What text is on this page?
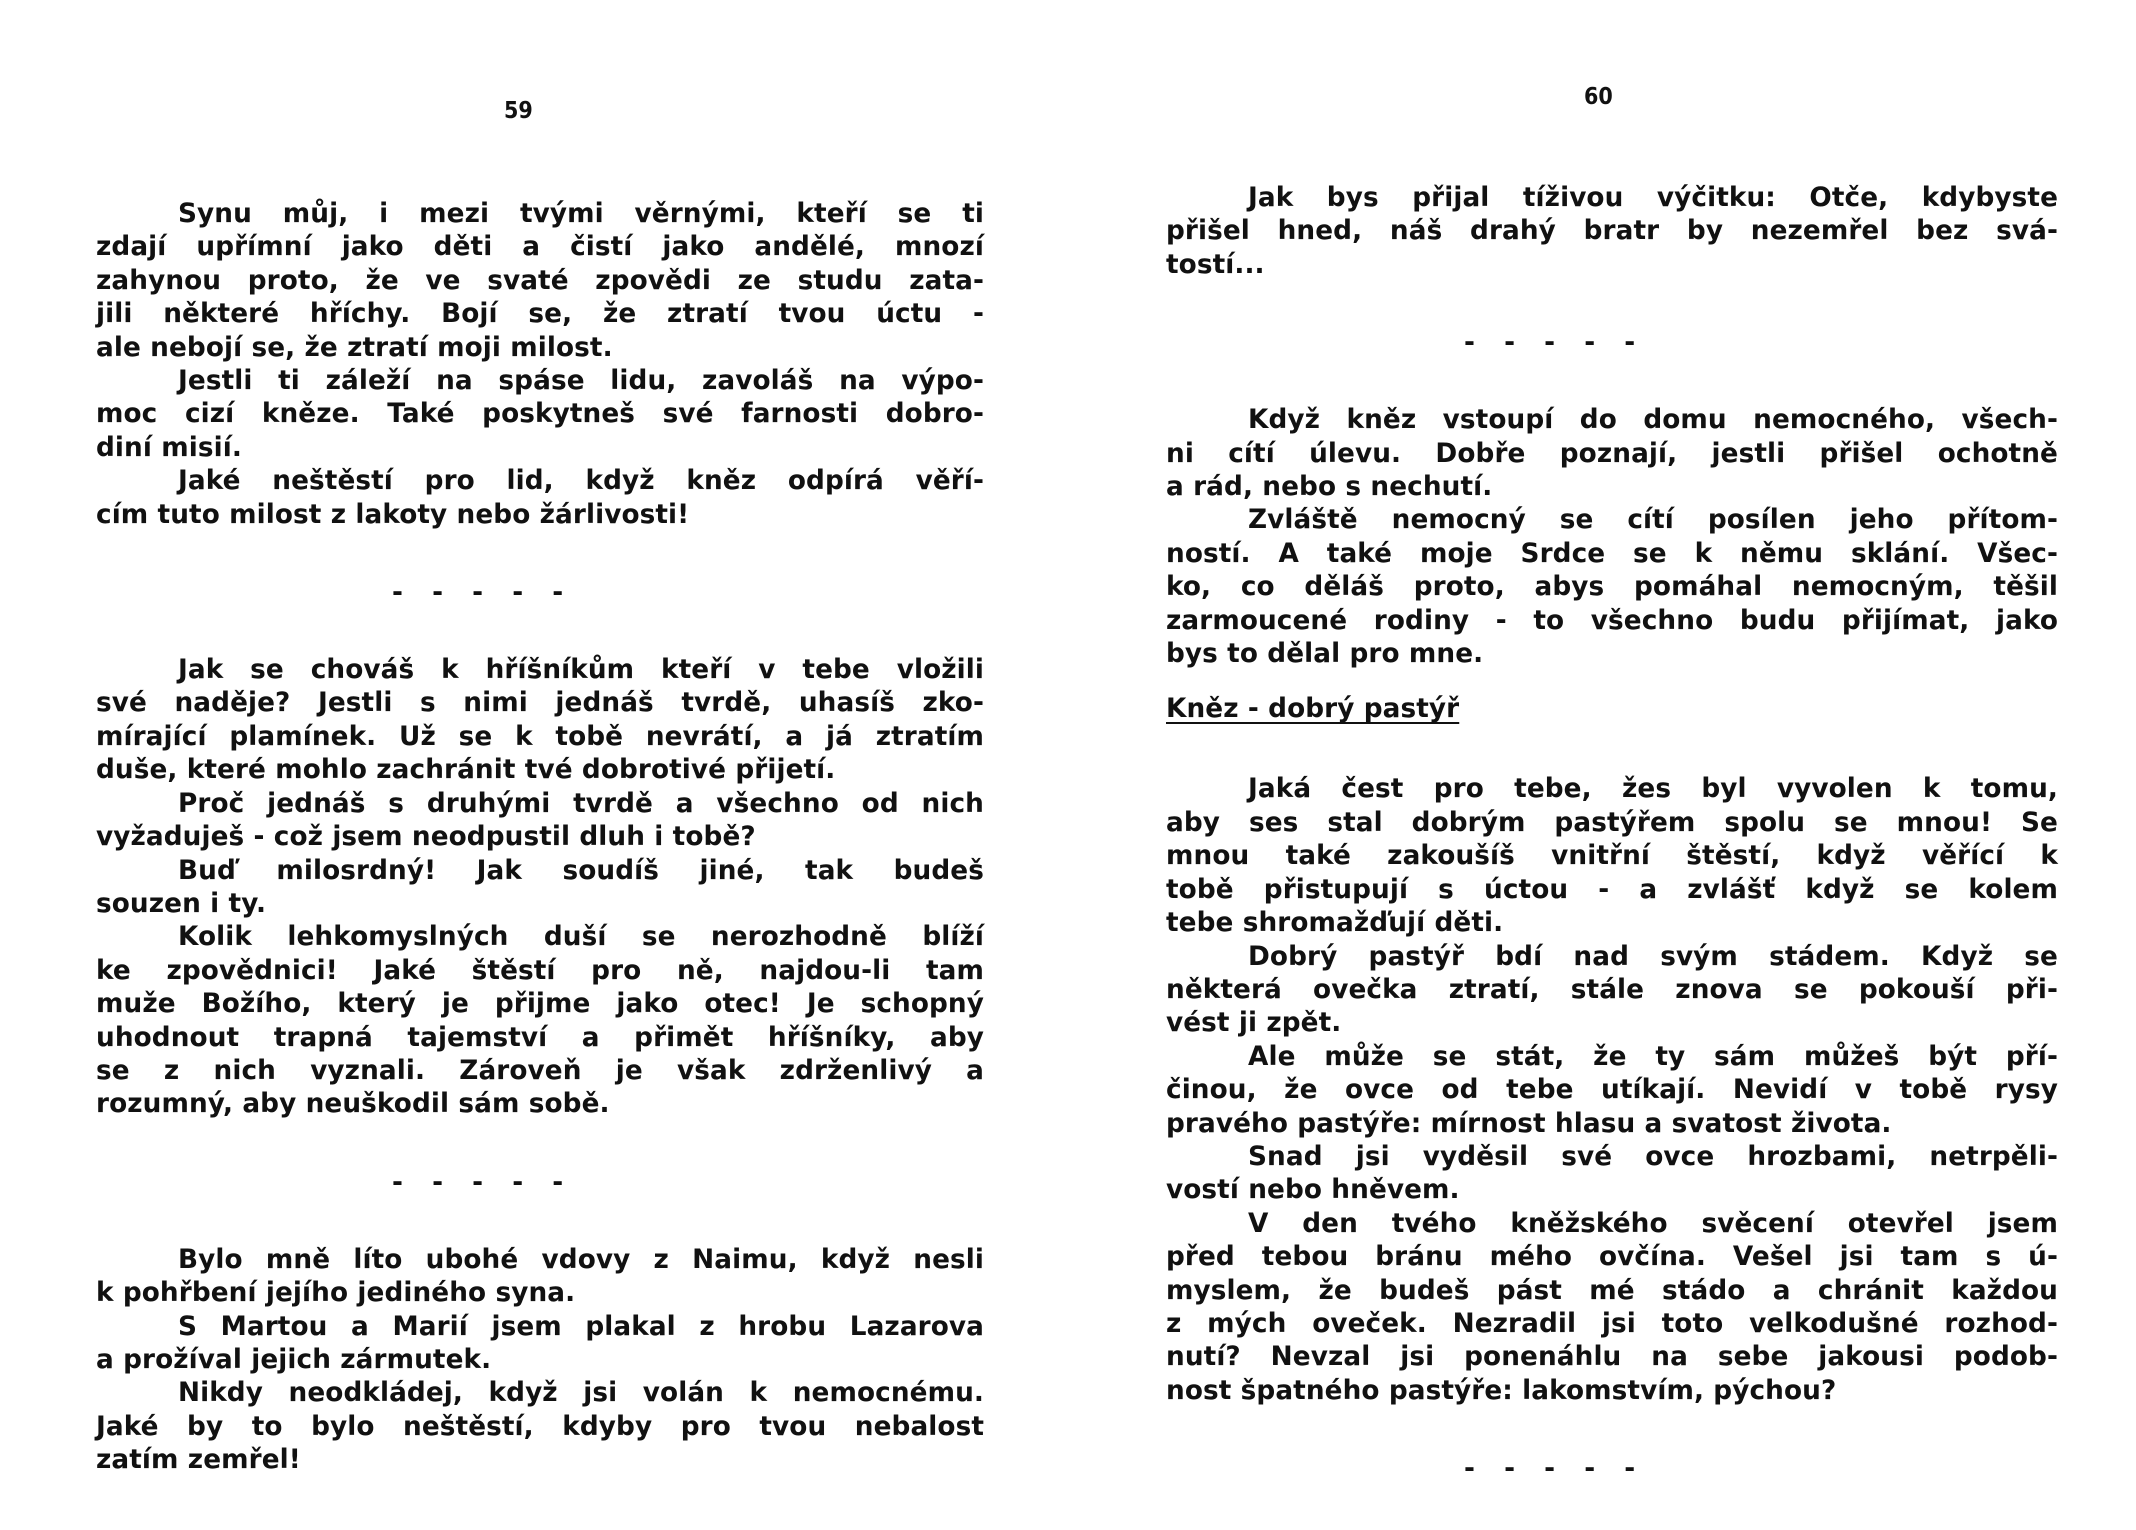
59
Synu můj, i mezi tvými věrnými, kteří se ti
zdají upřímní jako děti a čistí jako andělé, mnozí
zahynou proto, že ve svaté zpovědi ze studu zata-
jili některé hříchy. Bojí se, že ztratí tvou úctu -
ale nebojí se, že ztratí moji milost.
Jestli ti záleží na spáse lidu, zavoláš na výpo-
moc cizí kněze. Také poskytneš své farnosti dobro-
diní misií.
Jaké neštěstí pro lid, když kněz odpírá věří-
cím tuto milost z lakoty nebo žárlivosti!
- - - - -
Jak se chováš k hříšníkům kteří v tebe vložili
své naděje? Jestli s nimi jednáš tvrdě, uhasíš zko-
mírající plamínek. Už se k tobě nevrátí, a já ztratím
duše, které mohlo zachránit tvé dobrotivé přijetí.
Proč jednáš s druhými tvrdě a všechno od nich
vyžaduješ - což jsem neodpustil dluh i tobě?
Buď milosrdný! Jak soudíš jiné, tak budeš
souzen i ty.
Kolik lehkomyslných duší se nerozhodně blíží
ke zpovědnici! Jaké štěstí pro ně, najdou-li tam
muže Božího, který je přijme jako otec! Je schopný
uhodnout trapná tajemství a přimět hříšníky, aby
se z nich vyznali. Zároveň je však zdrženlivý a
rozumný, aby neuškodil sám sobě.
- - - - -
Bylo mně líto ubohé vdovy z Naimu, když nesli
k pohřbení jejího jediného syna.
S Martou a Marií jsem plakal z hrobu Lazarova
a prožíval jejich zármutek.
Nikdy neodkládej, když jsi volán k nemocnému.
Jaké by to bylo neštěstí, kdyby pro tvou nebalost
zatím zemřel!
60
Jak bys přijal tíživou výčitku: Otče, kdybyste
přišel hned, náš drahý bratr by nezemřel bez svá-
tostí...
- - - - -
Když kněz vstoupí do domu nemocného, všech-
ni cítí úlevu. Dobře poznají, jestli přišel ochotně
a rád, nebo s nechutí.
Zvláště nemocný se cítí posílen jeho přítom-
ností. A také moje Srdce se k němu sklání. Všec-
ko, co děláš proto, abys pomáhal nemocným, těšil
zarmoucené rodiny - to všechno budu přijímat, jako
bys to dělal pro mne.
Kněz - dobrý pastýř
Jaká čest pro tebe, žes byl vyvolen k tomu,
aby ses stal dobrým pastýřem spolu se mnou! Se
mnou také zakoušíš vnitřní štěstí, když věřící k
tobě přistupují s úctou - a zvlášť když se kolem
tebe shromažďují děti.
Dobrý pastýř bdí nad svým stádem. Když se
některá ovečka ztratí, stále znova se pokouší při-
vést ji zpět.
Ale může se stát, že ty sám můžeš být pří-
činou, že ovce od tebe utíkají. Nevidí v tobě rysy
pravého pastýře: mírnost hlasu a svatost života.
Snad jsi vyděsil své ovce hrozbami, netrpěli-
vostí nebo hněvem.
V den tvého kněžského svěcení otevřel jsem
před tebou bránu mého ovčína. Vešel jsi tam s ú-
myslem, že budeš pást mé stádo a chránit každou
z mých oveček. Nezradil jsi toto velkodušné rozhod-
nutí? Nevzal jsi ponenáhlu na sebe jakousi podob-
nost špatného pastýře: lakomstvím, pýchou?
- - - - -
